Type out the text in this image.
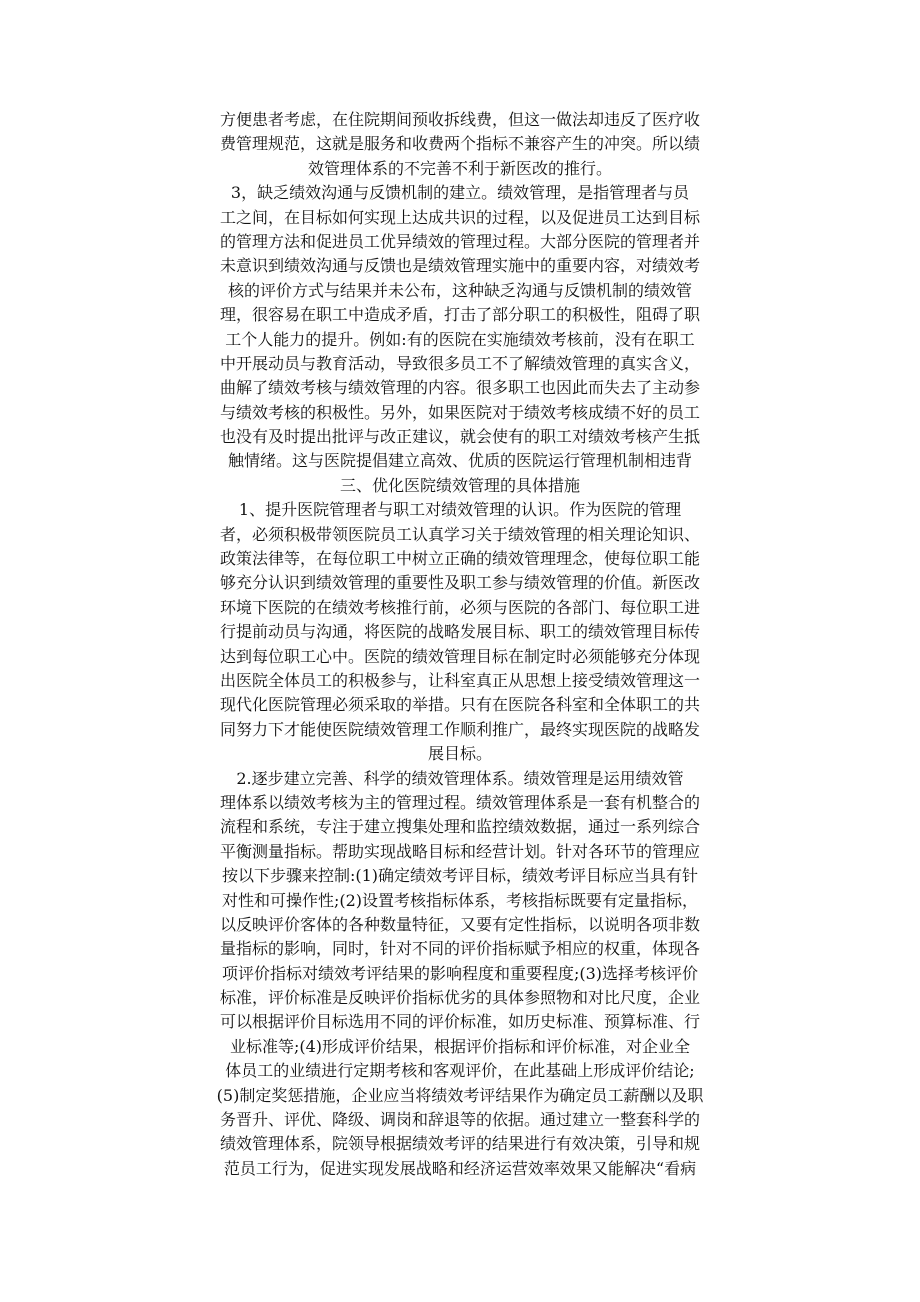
方便患者考虑，在住院期间预收拆线费，但这一做法却违反了医疗收
费管理规范，这就是服务和收费两个指标不兼容产生的冲突。所以绩
效管理体系的不完善不利于新医改的推行。
3，缺乏绩效沟通与反馈机制的建立。绩效管理，是指管理者与员
工之间，在目标如何实现上达成共识的过程，以及促进员工达到目标
的管理方法和促进员工优异绩效的管理过程。大部分医院的管理者并
未意识到绩效沟通与反馈也是绩效管理实施中的重要内容，对绩效考
核的评价方式与结果并未公布，这种缺乏沟通与反馈机制的绩效管
理，很容易在职工中造成矛盾，打击了部分职工的积极性，阻碍了职
工个人能力的提升。例如:有的医院在实施绩效考核前，没有在职工
中开展动员与教育活动，导致很多员工不了解绩效管理的真实含义，
曲解了绩效考核与绩效管理的内容。很多职工也因此而失去了主动参
与绩效考核的积极性。另外，如果医院对于绩效考核成绩不好的员工
也没有及时提出批评与改正建议，就会使有的职工对绩效考核产生抵
触情绪。这与医院提倡建立高效、优质的医院运行管理机制相违背
三、优化医院绩效管理的具体措施
1、提升医院管理者与职工对绩效管理的认识。作为医院的管理
者，必须积极带领医院员工认真学习关于绩效管理的相关理论知识、
政策法律等，在每位职工中树立正确的绩效管理理念，使每位职工能
够充分认识到绩效管理的重要性及职工参与绩效管理的价值。新医改
环境下医院的在绩效考核推行前，必须与医院的各部门、每位职工进
行提前动员与沟通，将医院的战略发展目标、职工的绩效管理目标传
达到每位职工心中。医院的绩效管理目标在制定时必须能够充分体现
出医院全体员工的积极参与，让科室真正从思想上接受绩效管理这一
现代化医院管理必须采取的举措。只有在医院各科室和全体职工的共
同努力下才能使医院绩效管理工作顺利推广，最终实现医院的战略发
展目标。
2.逐步建立完善、科学的绩效管理体系。绩效管理是运用绩效管
理体系以绩效考核为主的管理过程。绩效管理体系是一套有机整合的
流程和系统，专注于建立搜集处理和监控绩效数据，通过一系列综合
平衡测量指标。帮助实现战略目标和经营计划。针对各环节的管理应
按以下步骤来控制:(1)确定绩效考评目标，绩效考评目标应当具有针
对性和可操作性;(2)设置考核指标体系，考核指标既要有定量指标，
以反映评价客体的各种数量特征，又要有定性指标，以说明各项非数
量指标的影响，同时，针对不同的评价指标赋予相应的权重，体现各
项评价指标对绩效考评结果的影响程度和重要程度;(3)选择考核评价
标准，评价标准是反映评价指标优劣的具体参照物和对比尺度，企业
可以根据评价目标选用不同的评价标准，如历史标准、预算标准、行
业标准等;(4)形成评价结果，根据评价指标和评价标准，对企业全
体员工的业绩进行定期考核和客观评价，在此基础上形成评价结论;
(5)制定奖惩措施，企业应当将绩效考评结果作为确定员工薪酬以及职
务晋升、评优、降级、调岗和辞退等的依据。通过建立一整套科学的
绩效管理体系，院领导根据绩效考评的结果进行有效决策，引导和规
范员工行为，促进实现发展战略和经济运营效率效果又能解决“看病
